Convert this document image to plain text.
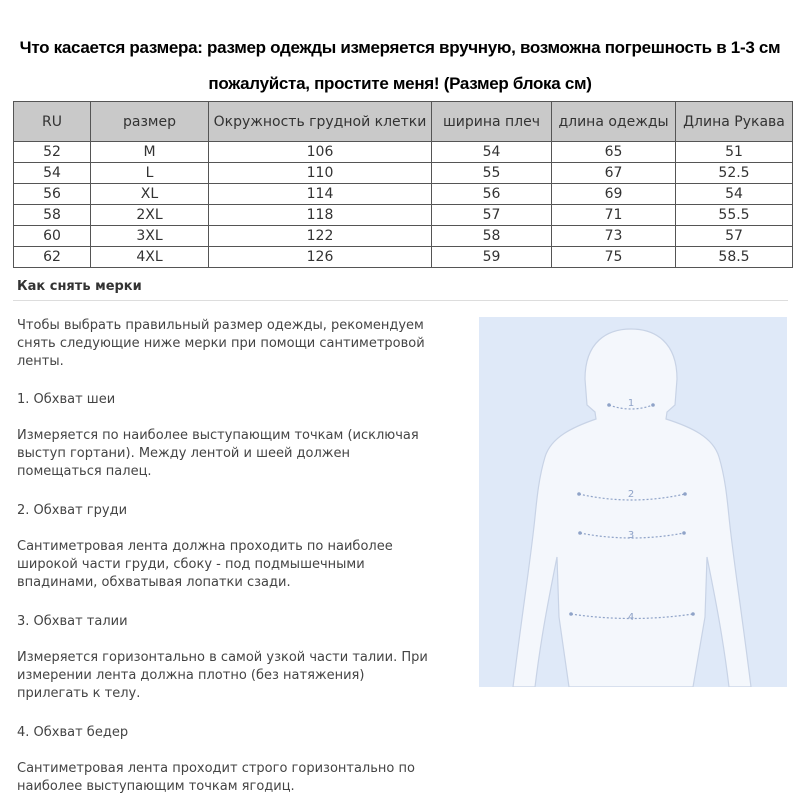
Что касается размера: размер одежды измеряется вручную, возможна погрешность в 1-3 см
пожалуйста, простите меня! (Размер блока см)
RU	размер	Окружность грудной клетки	ширина плеч	длина одежды	Длина Рукава
52	M	106	54	65	51
54	L	110	55	67	52.5
56	XL	114	56	69	54
58	2XL	118	57	71	55.5
60	3XL	122	58	73	57
62	4XL	126	59	75	58.5
Как снять мерки

Чтобы выбрать правильный размер одежды, рекомендуем снять следующие ниже мерки при помощи сантиметровой ленты.

1. Обхват шеи

Измеряется по наиболее выступающим точкам (исключая выступ гортани). Между лентой и шеей должен помещаться палец.

2. Обхват груди

Сантиметровая лента должна проходить по наиболее широкой части груди, сбоку - под подмышечными впадинами, обхватывая лопатки сзади.

3. Обхват талии

Измеряется горизонтально в самой узкой части талии. При измерении лента должна плотно (без натяжения) прилегать к телу.

4. Обхват бедер

Сантиметровая лента проходит строго горизонтально по наиболее выступающим точкам ягодиц.

1
2
3
4
